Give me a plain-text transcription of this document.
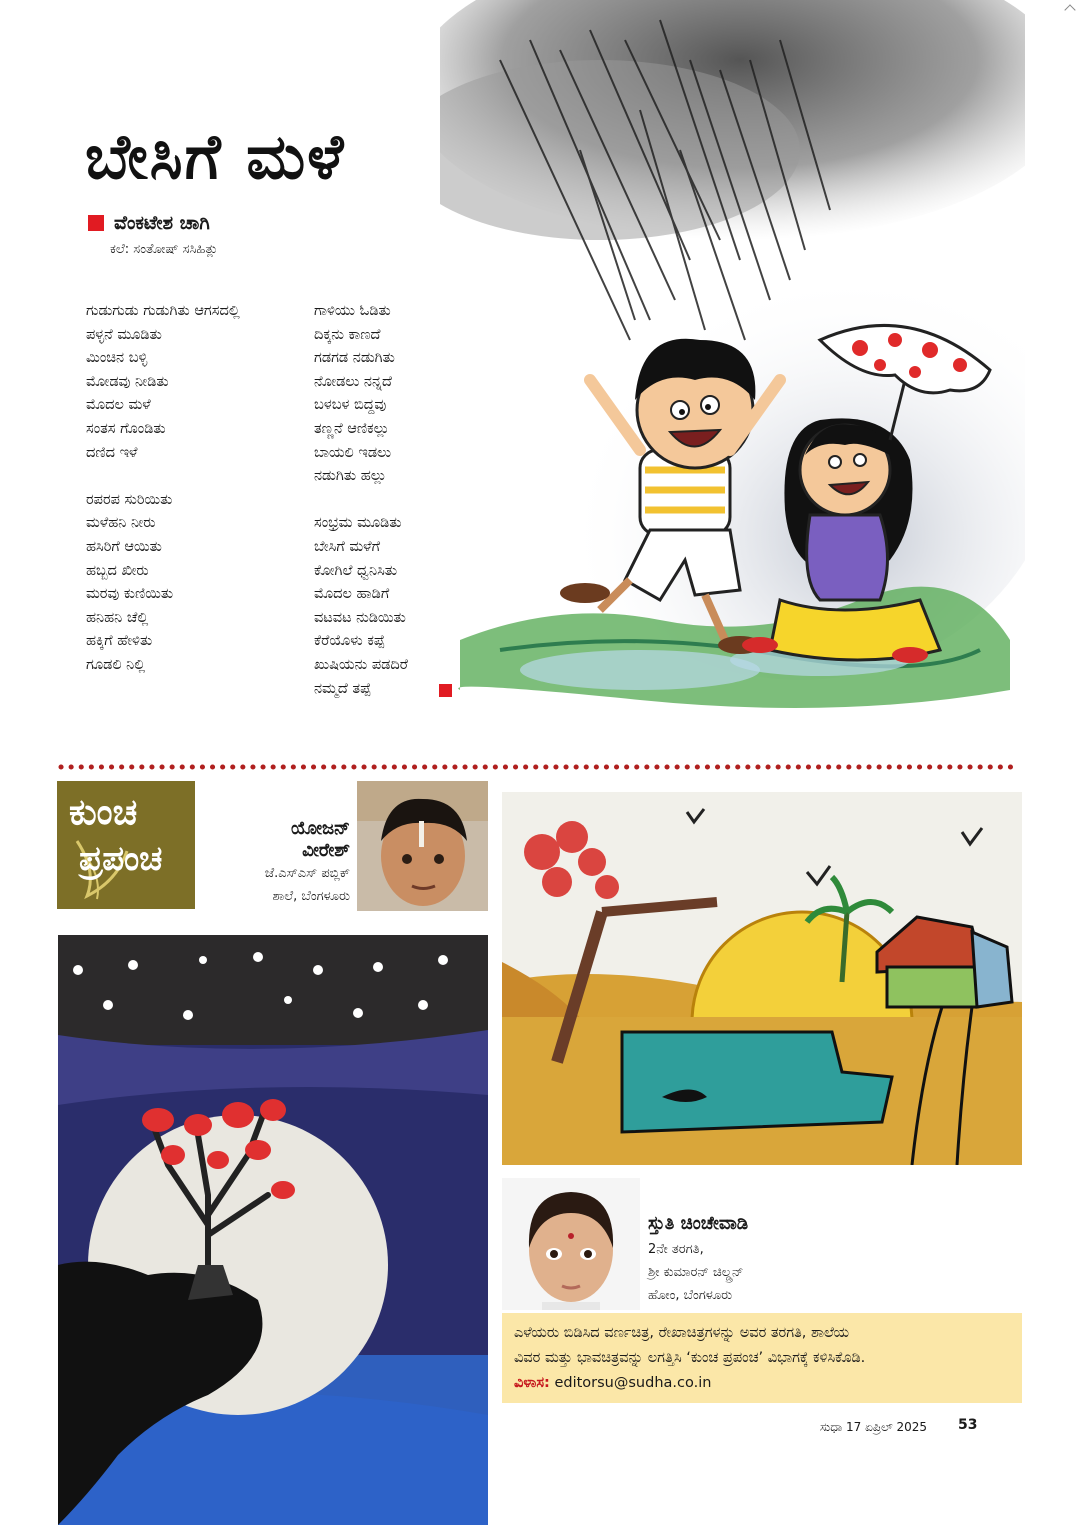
ಬೇಸಿಗೆ ಮಳೆ
ವೆಂಕಟೇಶ ಚಾಗಿ
ಕಲೆ: ಸಂತೋಷ್ ಸಸಿಹಿತ್ಲು
ಗುಡುಗುಡು ಗುಡುಗಿತು ಆಗಸದಲ್ಲಿ
ಪಳ್ಳನೆ ಮೂಡಿತು
ಮಿಂಚಿನ ಬಳ್ಳಿ
ಮೋಡವು ನೀಡಿತು
ಮೊದಲ ಮಳೆ
ಸಂತಸ ಗೊಂಡಿತು
ದಣಿದ ಇಳೆ
ರಪರಪ ಸುರಿಯಿತು
ಮಳೆಹನಿ ನೀರು
ಹಸಿರಿಗೆ ಆಯಿತು
ಹಬ್ಬದ ಖೀರು
ಮರವು ಕುಣಿಯಿತು
ಹನಿಹನಿ ಚೆಲ್ಲಿ
ಹಕ್ಕಿಗೆ ಹೇಳಿತು
ಗೂಡಲಿ ನಿಲ್ಲಿ
ಗಾಳಿಯು ಓಡಿತು
ದಿಕ್ಕನು ಕಾಣದೆ
ಗಡಗಡ ನಡುಗಿತು
ನೋಡಲು ನನ್ನದೆ
ಬಳಬಳ ಬಿದ್ದವು
ತಣ್ಣನೆ ಆಣಿಕಲ್ಲು
ಬಾಯಲಿ ಇಡಲು
ನಡುಗಿತು ಹಲ್ಲು
ಸಂಭ್ರಮ ಮೂಡಿತು
ಬೇಸಿಗೆ ಮಳೆಗೆ
ಕೋಗಿಲೆ ಧ್ವನಿಸಿತು
ಮೊದಲ ಹಾಡಿಗೆ
ವಟವಟ ನುಡಿಯಿತು
ಕೆರೆಯೊಳು ಕಪ್ಪೆ
ಖುಷಿಯನು ಪಡದಿರೆ
ನಮ್ಮದೆ ತಪ್ಪೆ
ಕುಂಚ
ಪ್ರಪಂಚ
ಯೋಜನ್
ವೀರೇಶ್
ಜೆ.ಎಸ್‌ಎಸ್ ಪಬ್ಲಿಕ್
ಶಾಲೆ, ಬೆಂಗಳೂರು
ಸ್ತುತಿ ಚಿಂಚೇವಾಡಿ
2ನೇ ತರಗತಿ,
ಶ್ರೀ ಕುಮಾರನ್ ಚಿಲ್ಡ್ರನ್
ಹೋಂ, ಬೆಂಗಳೂರು
ಎಳೆಯರು ಬಿಡಿಸಿದ ವರ್ಣಚಿತ್ರ, ರೇಖಾಚಿತ್ರಗಳನ್ನು ಅವರ ತರಗತಿ, ಶಾಲೆಯ
ವಿವರ ಮತ್ತು ಭಾವಚಿತ್ರವನ್ನು ಲಗತ್ತಿಸಿ ‘ಕುಂಚ ಪ್ರಪಂಚ’ ವಿಭಾಗಕ್ಕೆ ಕಳಿಸಿಕೊಡಿ.
ವಿಳಾಸ: editorsu@sudha.co.in
ಸುಧಾ 17 ಏಪ್ರಿಲ್ 2025 53
